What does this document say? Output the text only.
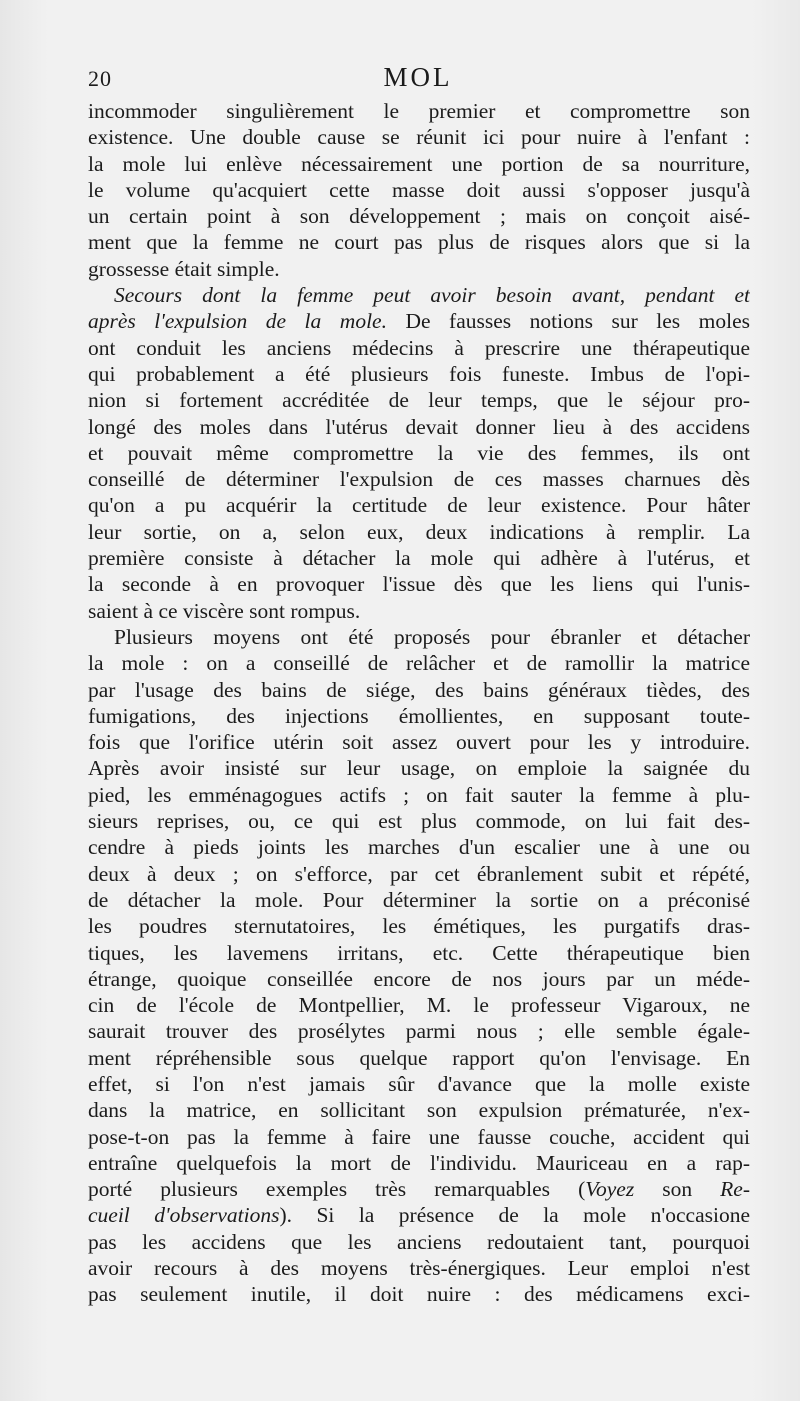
20	MOL
incommoder singulièrement le premier et compromettre son
existence. Une double cause se réunit ici pour nuire à l'enfant :
la mole lui enlève nécessairement une portion de sa nourriture,
le volume qu'acquiert cette masse doit aussi s'opposer jusqu'à
un certain point à son développement ; mais on conçoit aisé-
ment que la femme ne court pas plus de risques alors que si la
grossesse était simple.
Secours dont la femme peut avoir besoin avant, pendant et
après l'expulsion de la mole. De fausses notions sur les moles
ont conduit les anciens médecins à prescrire une thérapeutique
qui probablement a été plusieurs fois funeste. Imbus de l'opi-
nion si fortement accréditée de leur temps, que le séjour pro-
longé des moles dans l'utérus devait donner lieu à des accidens
et pouvait même compromettre la vie des femmes, ils ont
conseillé de déterminer l'expulsion de ces masses charnues dès
qu'on a pu acquérir la certitude de leur existence. Pour hâter
leur sortie, on a, selon eux, deux indications à remplir. La
première consiste à détacher la mole qui adhère à l'utérus, et
la seconde à en provoquer l'issue dès que les liens qui l'unis-
saient à ce viscère sont rompus.
Plusieurs moyens ont été proposés pour ébranler et détacher
la mole : on a conseillé de relâcher et de ramollir la matrice
par l'usage des bains de siége, des bains généraux tièdes, des
fumigations, des injections émollientes, en supposant toute-
fois que l'orifice utérin soit assez ouvert pour les y introduire.
Après avoir insisté sur leur usage, on emploie la saignée du
pied, les emménagogues actifs ; on fait sauter la femme à plu-
sieurs reprises, ou, ce qui est plus commode, on lui fait des-
cendre à pieds joints les marches d'un escalier une à une ou
deux à deux ; on s'efforce, par cet ébranlement subit et répété,
de détacher la mole. Pour déterminer la sortie on a préconisé
les poudres sternutatoires, les émétiques, les purgatifs dras-
tiques, les lavemens irritans, etc. Cette thérapeutique bien
étrange, quoique conseillée encore de nos jours par un méde-
cin de l'école de Montpellier, M. le professeur Vigaroux, ne
saurait trouver des prosélytes parmi nous ; elle semble égale-
ment répréhensible sous quelque rapport qu'on l'envisage. En
effet, si l'on n'est jamais sûr d'avance que la molle existe
dans la matrice, en sollicitant son expulsion prématurée, n'ex-
pose-t-on pas la femme à faire une fausse couche, accident qui
entraîne quelquefois la mort de l'individu. Mauriceau en a rap-
porté plusieurs exemples très remarquables (Voyez son Re-
cueil d'observations). Si la présence de la mole n'occasione
pas les accidens que les anciens redoutaient tant, pourquoi
avoir recours à des moyens très-énergiques. Leur emploi n'est
pas seulement inutile, il doit nuire : des médicamens exci-
